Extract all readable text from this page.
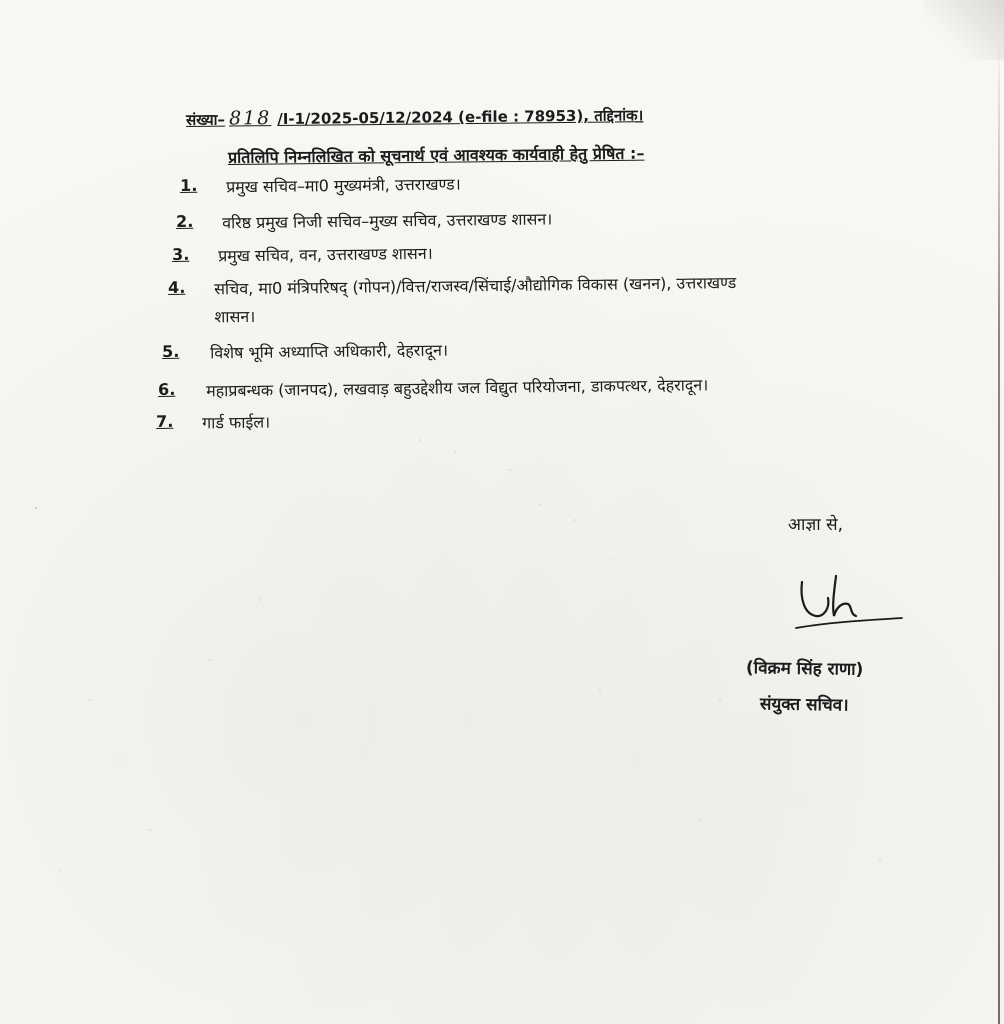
संख्या– 818 /I-1/2025-05/12/2024 (e-file : 78953), तद्दिनांक।
प्रतिलिपि निम्नलिखित को सूचनार्थ एवं आवश्यक कार्यवाही हेतु प्रेषित :–
1. प्रमुख सचिव–मा0 मुख्यमंत्री, उत्तराखण्ड।
2. वरिष्ठ प्रमुख निजी सचिव–मुख्य सचिव, उत्तराखण्ड शासन।
3. प्रमुख सचिव, वन, उत्तराखण्ड शासन।
4. सचिव, मा0 मंत्रिपरिषद् (गोपन)/वित्त/राजस्व/सिंचाई/औद्योगिक विकास (खनन), उत्तराखण्ड
शासन।
5. विशेष भूमि अध्याप्ति अधिकारी, देहरादून।
6. महाप्रबन्धक (जानपद), लखवाड़ बहुउद्देशीय जल विद्युत परियोजना, डाकपत्थर, देहरादून।
7. गार्ड फाईल।
आज्ञा से,
(विक्रम सिंह राणा)
संयुक्त सचिव।
